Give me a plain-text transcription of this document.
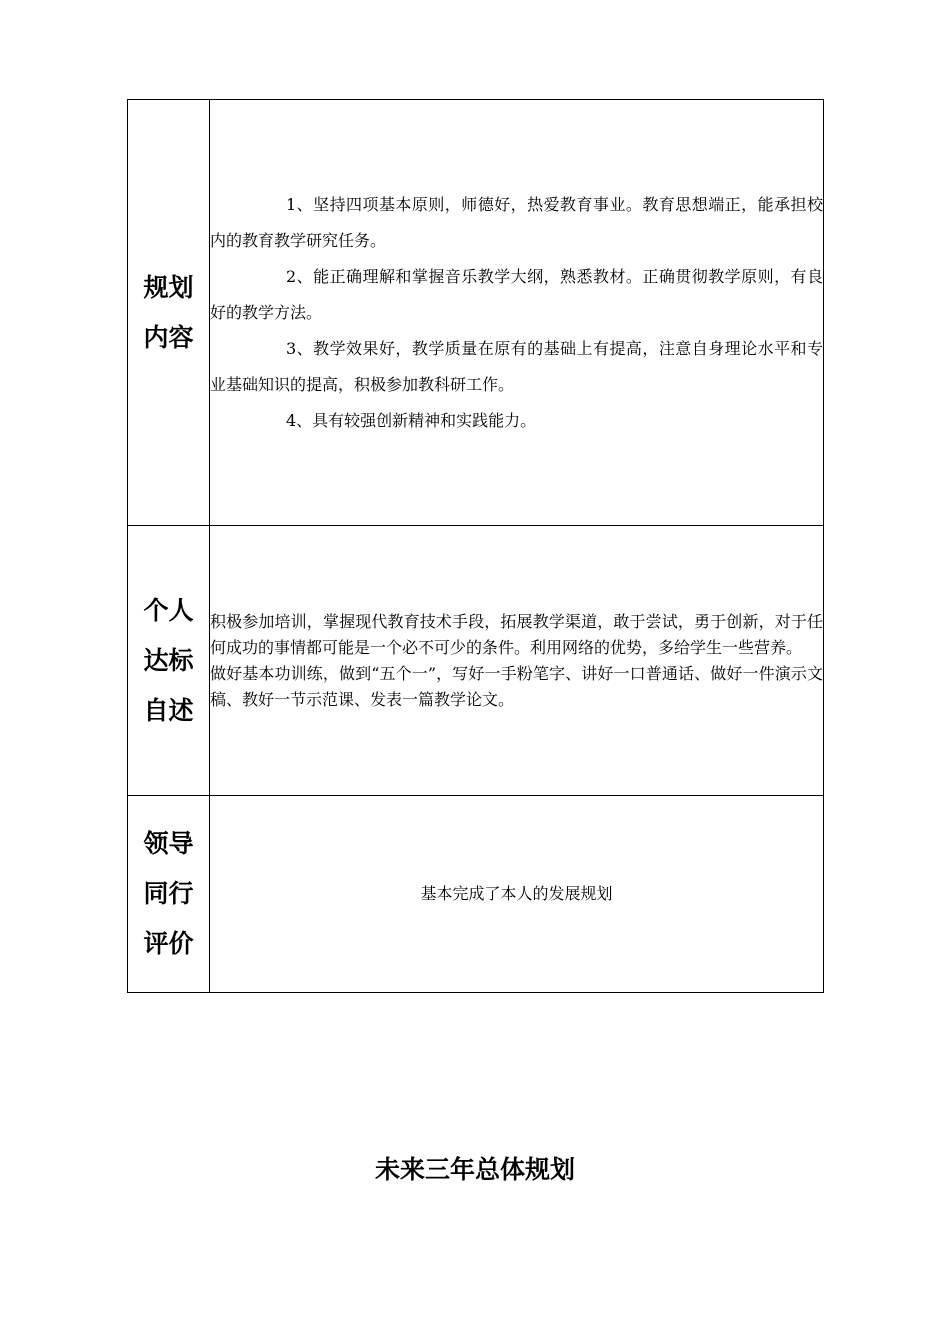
规划内容	1、坚持四项基本原则，师德好，热爱教育事业。教育思想端正，能承担校内的教育教学研究任务。

2、能正确理解和掌握音乐教学大纲，熟悉教材。正确贯彻教学原则，有良好的教学方法。

3、教学效果好，教学质量在原有的基础上有提高，注意自身理论水平和专业基础知识的提高，积极参加教科研工作。

4、具有较强创新精神和实践能力。

个人达标自述	积极参加培训，掌握现代教育技术手段，拓展教学渠道，敢于尝试，勇于创新，对于任何成功的事情都可能是一个必不可少的条件。利用网络的优势，多给学生一些营养。

做好基本功训练，做到“五个一”，写好一手粉笔字、讲好一口普通话、做好一件演示文稿、教好一节示范课、发表一篇教学论文。

领导同行评价	基本完成了本人的发展规划
未来三年总体规划
